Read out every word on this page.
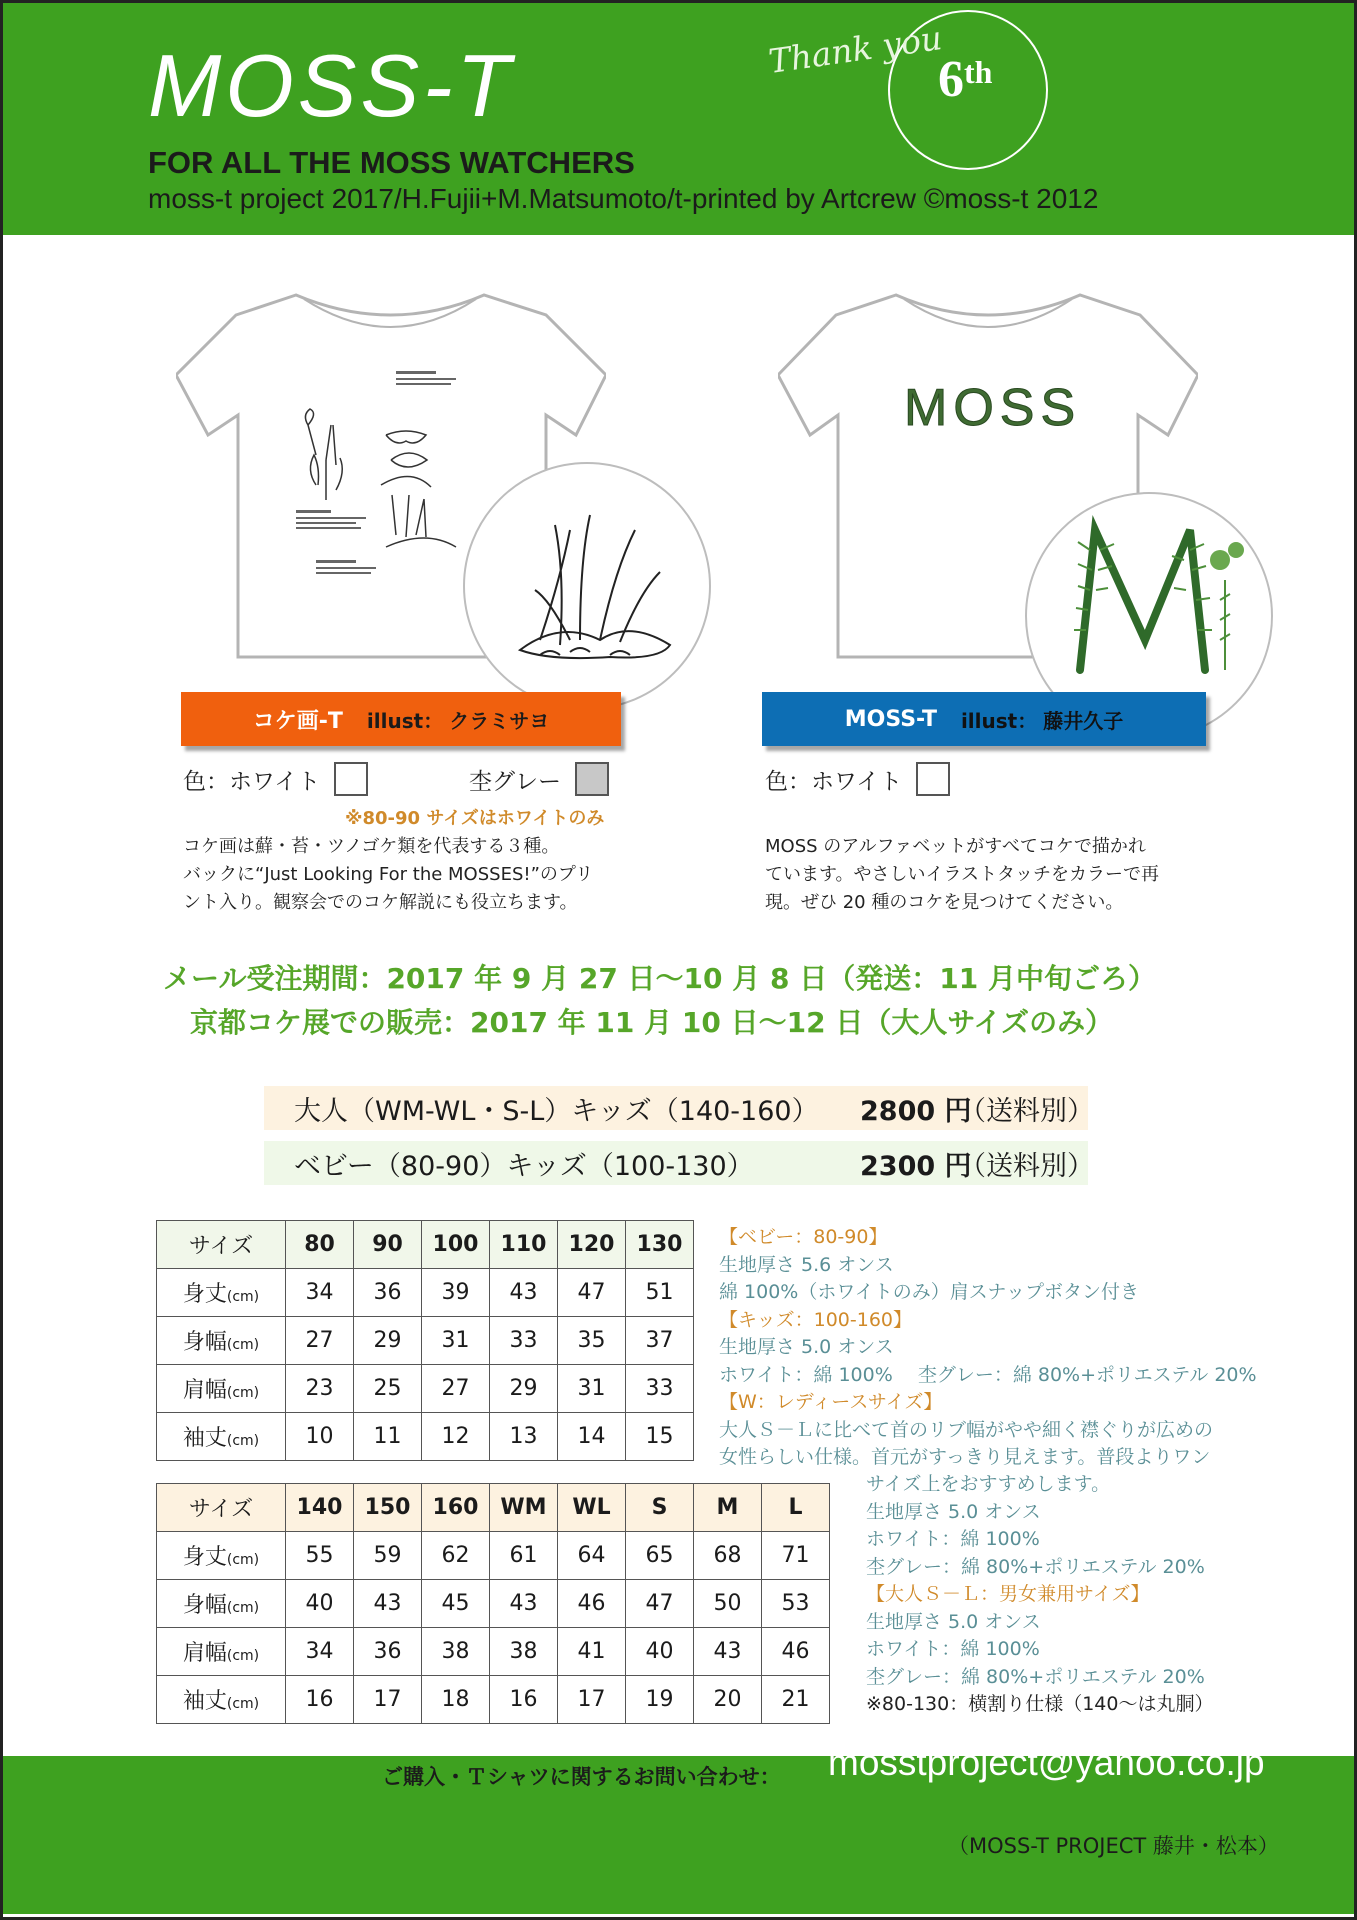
MOSS-T
FOR ALL THE MOSS WATCHERS
moss-t project 2017/H.Fujii+M.Matsumoto/t-printed by Artcrew ©moss-t 2012
Thank you
6th
コケ画-T	illust： クラミサヨ
MOSS
MOSS-T	illust： 藤井久子
色：ホワイト	杢グレー
※80-90 サイズはホワイトのみ
色：ホワイト
コケ画は蘚・苔・ツノゴケ類を代表する３種。
バックに“Just Looking For the MOSSES!”のプリ
ント入り。観察会でのコケ解説にも役立ちます。
MOSS のアルファベットがすべてコケで描かれ
ています。やさしいイラストタッチをカラーで再
現。ぜひ 20 種のコケを見つけてください。
メール受注期間：2017 年 9 月 27 日〜10 月 8 日（発送：11 月中旬ごろ）
京都コケ展での販売：2017 年 11 月 10 日〜12 日（大人サイズのみ）
大人（WM-WL・S-L）キッズ（140-160） 2800 円
（送料別）
ベビー（80-90）キッズ（100-130）	2300 円
（送料別）
サイズ	80	90	100	110	120	130
身丈(cm)	34	36	39	43	47	51
身幅(cm)	27	29	31	33	35	37
肩幅(cm)	23	25	27	29	31	33
袖丈(cm)	10	11	12	13	14	15
サイズ	140	150	160	WM	WL	S	M	L
身丈(cm)	55	59	62	61	64	65	68	71
身幅(cm)	40	43	45	43	46	47	50	53
肩幅(cm)	34	36	38	38	41	40	43	46
袖丈(cm)	16	17	18	16	17	19	20	21
【ベビー：80-90】
生地厚さ 5.6 オンス
綿 100%（ホワイトのみ）肩スナップボタン付き
【キッズ：100-160】
生地厚さ 5.0 オンス
ホワイト：綿 100%　 杢グレー：綿 80%+ポリエステル 20%
【W：レディースサイズ】
大人Ｓ－Ｌに比べて首のリブ幅がやや細く襟ぐりが広めの
女性らしい仕様。首元がすっきり見えます。普段よりワン
サイズ上をおすすめします。
生地厚さ 5.0 オンス
ホワイト：綿 100%
杢グレー：綿 80%+ポリエステル 20%
【大人Ｓ－Ｌ：男女兼用サイズ】
生地厚さ 5.0 オンス
ホワイト：綿 100%
杢グレー：綿 80%+ポリエステル 20%
※80-130：横割り仕様（140〜は丸胴）
ご購入・Ｔシャツに関するお問い合わせ： mosstproject@yahoo.co.jp
（MOSS-T PROJECT 藤井・松本）
